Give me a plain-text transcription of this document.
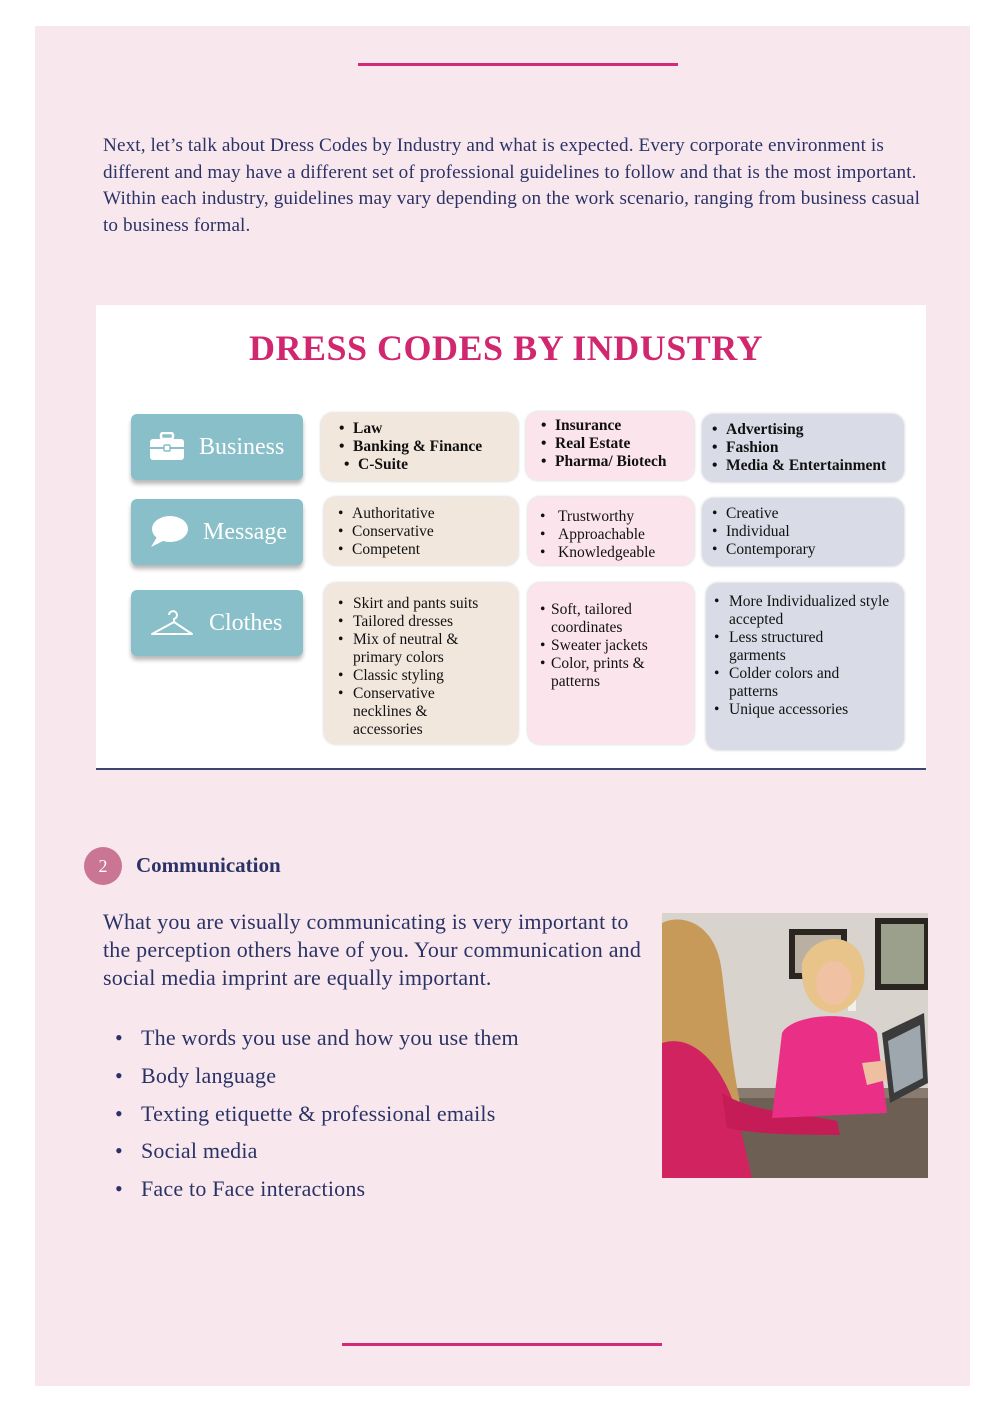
Next, let’s talk about Dress Codes by Industry and what is expected. Every corporate environment is different and may have a different set of professional guidelines to follow and that is the most important. Within each industry, guidelines may vary depending on the work scenario, ranging from business casual to business formal.

DRESS CODES BY INDUSTRY
Business
• Law
• Banking & Finance
• C-Suite
• Insurance
• Real Estate
• Pharma/ Biotech
• Advertising
• Fashion
• Media & Entertainment
Message
• Authoritative
• Conservative
• Competent
• Trustworthy
• Approachable
• Knowledgeable
• Creative
• Individual
• Contemporary
Clothes
• Skirt and pants suits
• Tailored dresses
• Mix of neutral & primary colors
• Classic styling
• Conservative necklines & accessories
• Soft, tailored coordinates
• Sweater jackets
• Color, prints & patterns
• More Individualized style accepted
• Less structured garments
• Colder colors and patterns
• Unique accessories
2	Communication

What you are visually communicating is very important to the perception others have of you. Your communication and social media imprint are equally important.

• The words you use and how you use them
• Body language
• Texting etiquette & professional emails
• Social media
• Face to Face interactions
